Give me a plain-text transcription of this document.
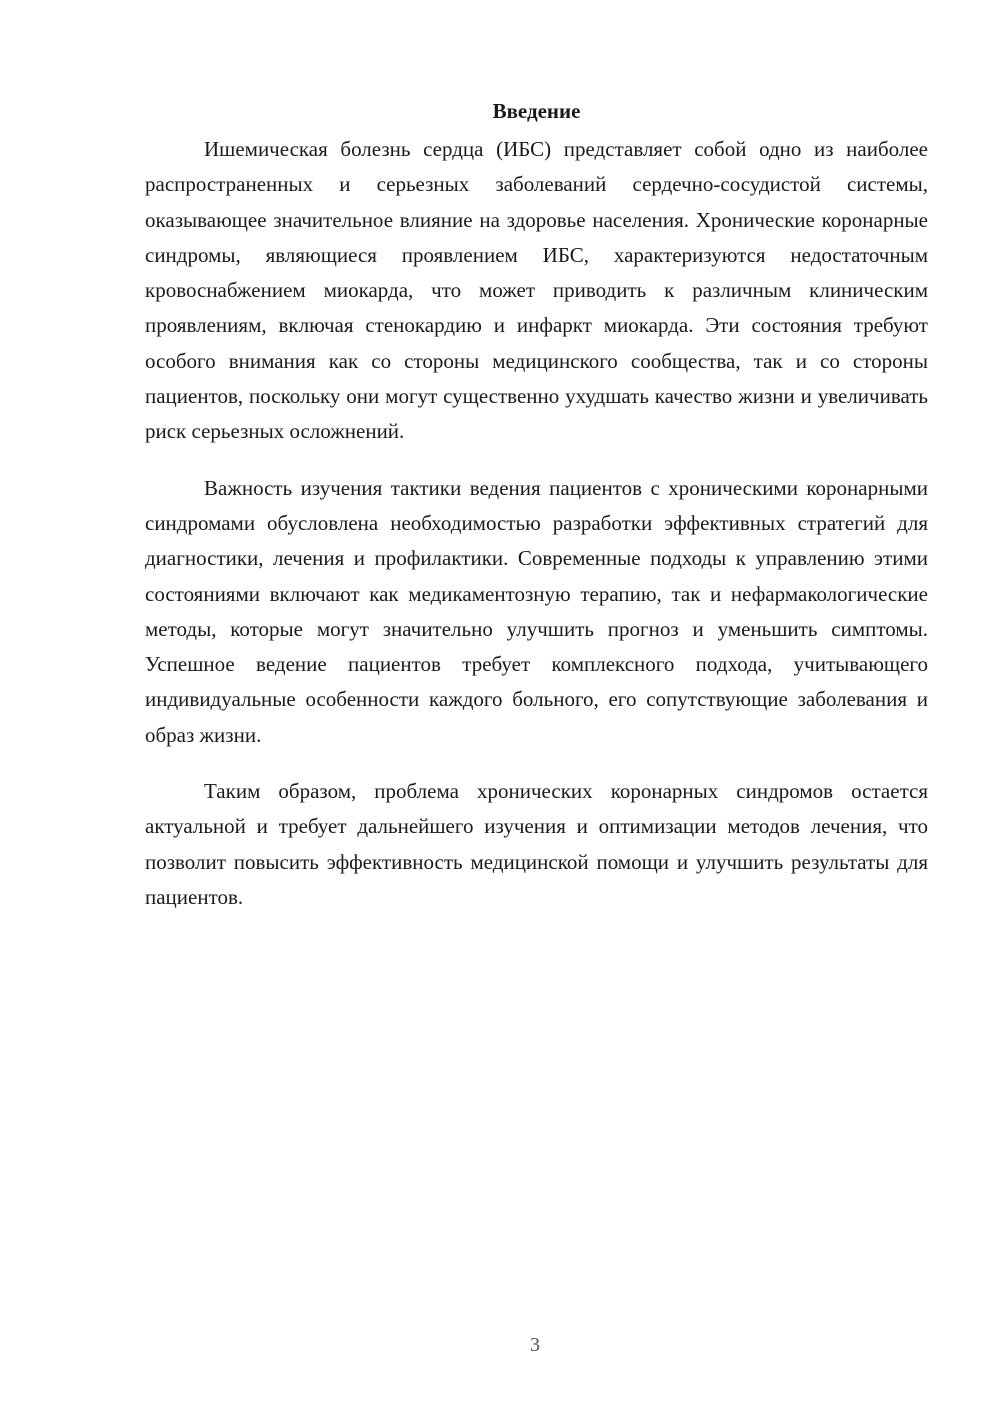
Введение

Ишемическая болезнь сердца (ИБС) представляет собой одно из наиболее распространенных и серьезных заболеваний сердечно-сосудистой системы, оказывающее значительное влияние на здоровье населения. Хронические коронарные синдромы, являющиеся проявлением ИБС, характеризуются недостаточным кровоснабжением миокарда, что может приводить к различным клиническим проявлениям, включая стенокардию и инфаркт миокарда. Эти состояния требуют особого внимания как со стороны медицинского сообщества, так и со стороны пациентов, поскольку они могут существенно ухудшать качество жизни и увеличивать риск серьезных осложнений.

Важность изучения тактики ведения пациентов с хроническими коронарными синдромами обусловлена необходимостью разработки эффективных стратегий для диагностики, лечения и профилактики. Современные подходы к управлению этими состояниями включают как медикаментозную терапию, так и нефармакологические методы, которые могут значительно улучшить прогноз и уменьшить симптомы. Успешное ведение пациентов требует комплексного подхода, учитывающего индивидуальные особенности каждого больного, его сопутствующие заболевания и образ жизни.

Таким образом, проблема хронических коронарных синдромов остается актуальной и требует дальнейшего изучения и оптимизации методов лечения, что позволит повысить эффективность медицинской помощи и улучшить результаты для пациентов.

3
